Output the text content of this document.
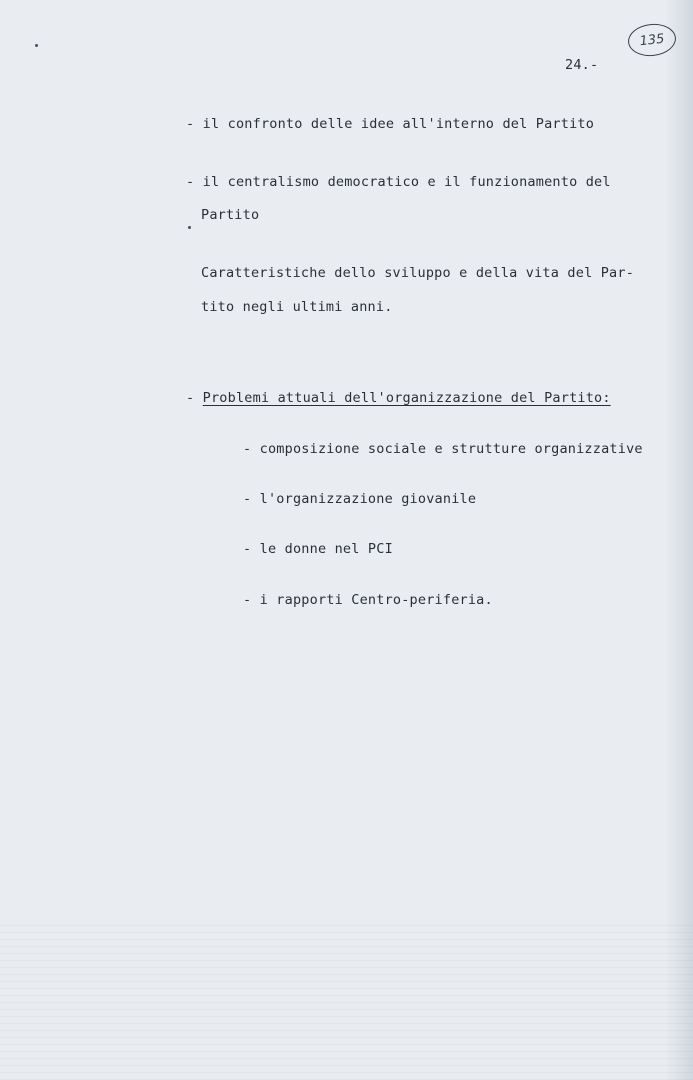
135
24.-
- il confronto delle idee all'interno del Partito
- il centralismo democratico e il funzionamento del
Partito
Caratteristiche dello sviluppo e della vita del Par-
tito negli ultimi anni.
- Problemi attuali dell'organizzazione del Partito:
- composizione sociale e strutture organizzative
- l'organizzazione giovanile
- le donne nel PCI
- i rapporti Centro-periferia.
